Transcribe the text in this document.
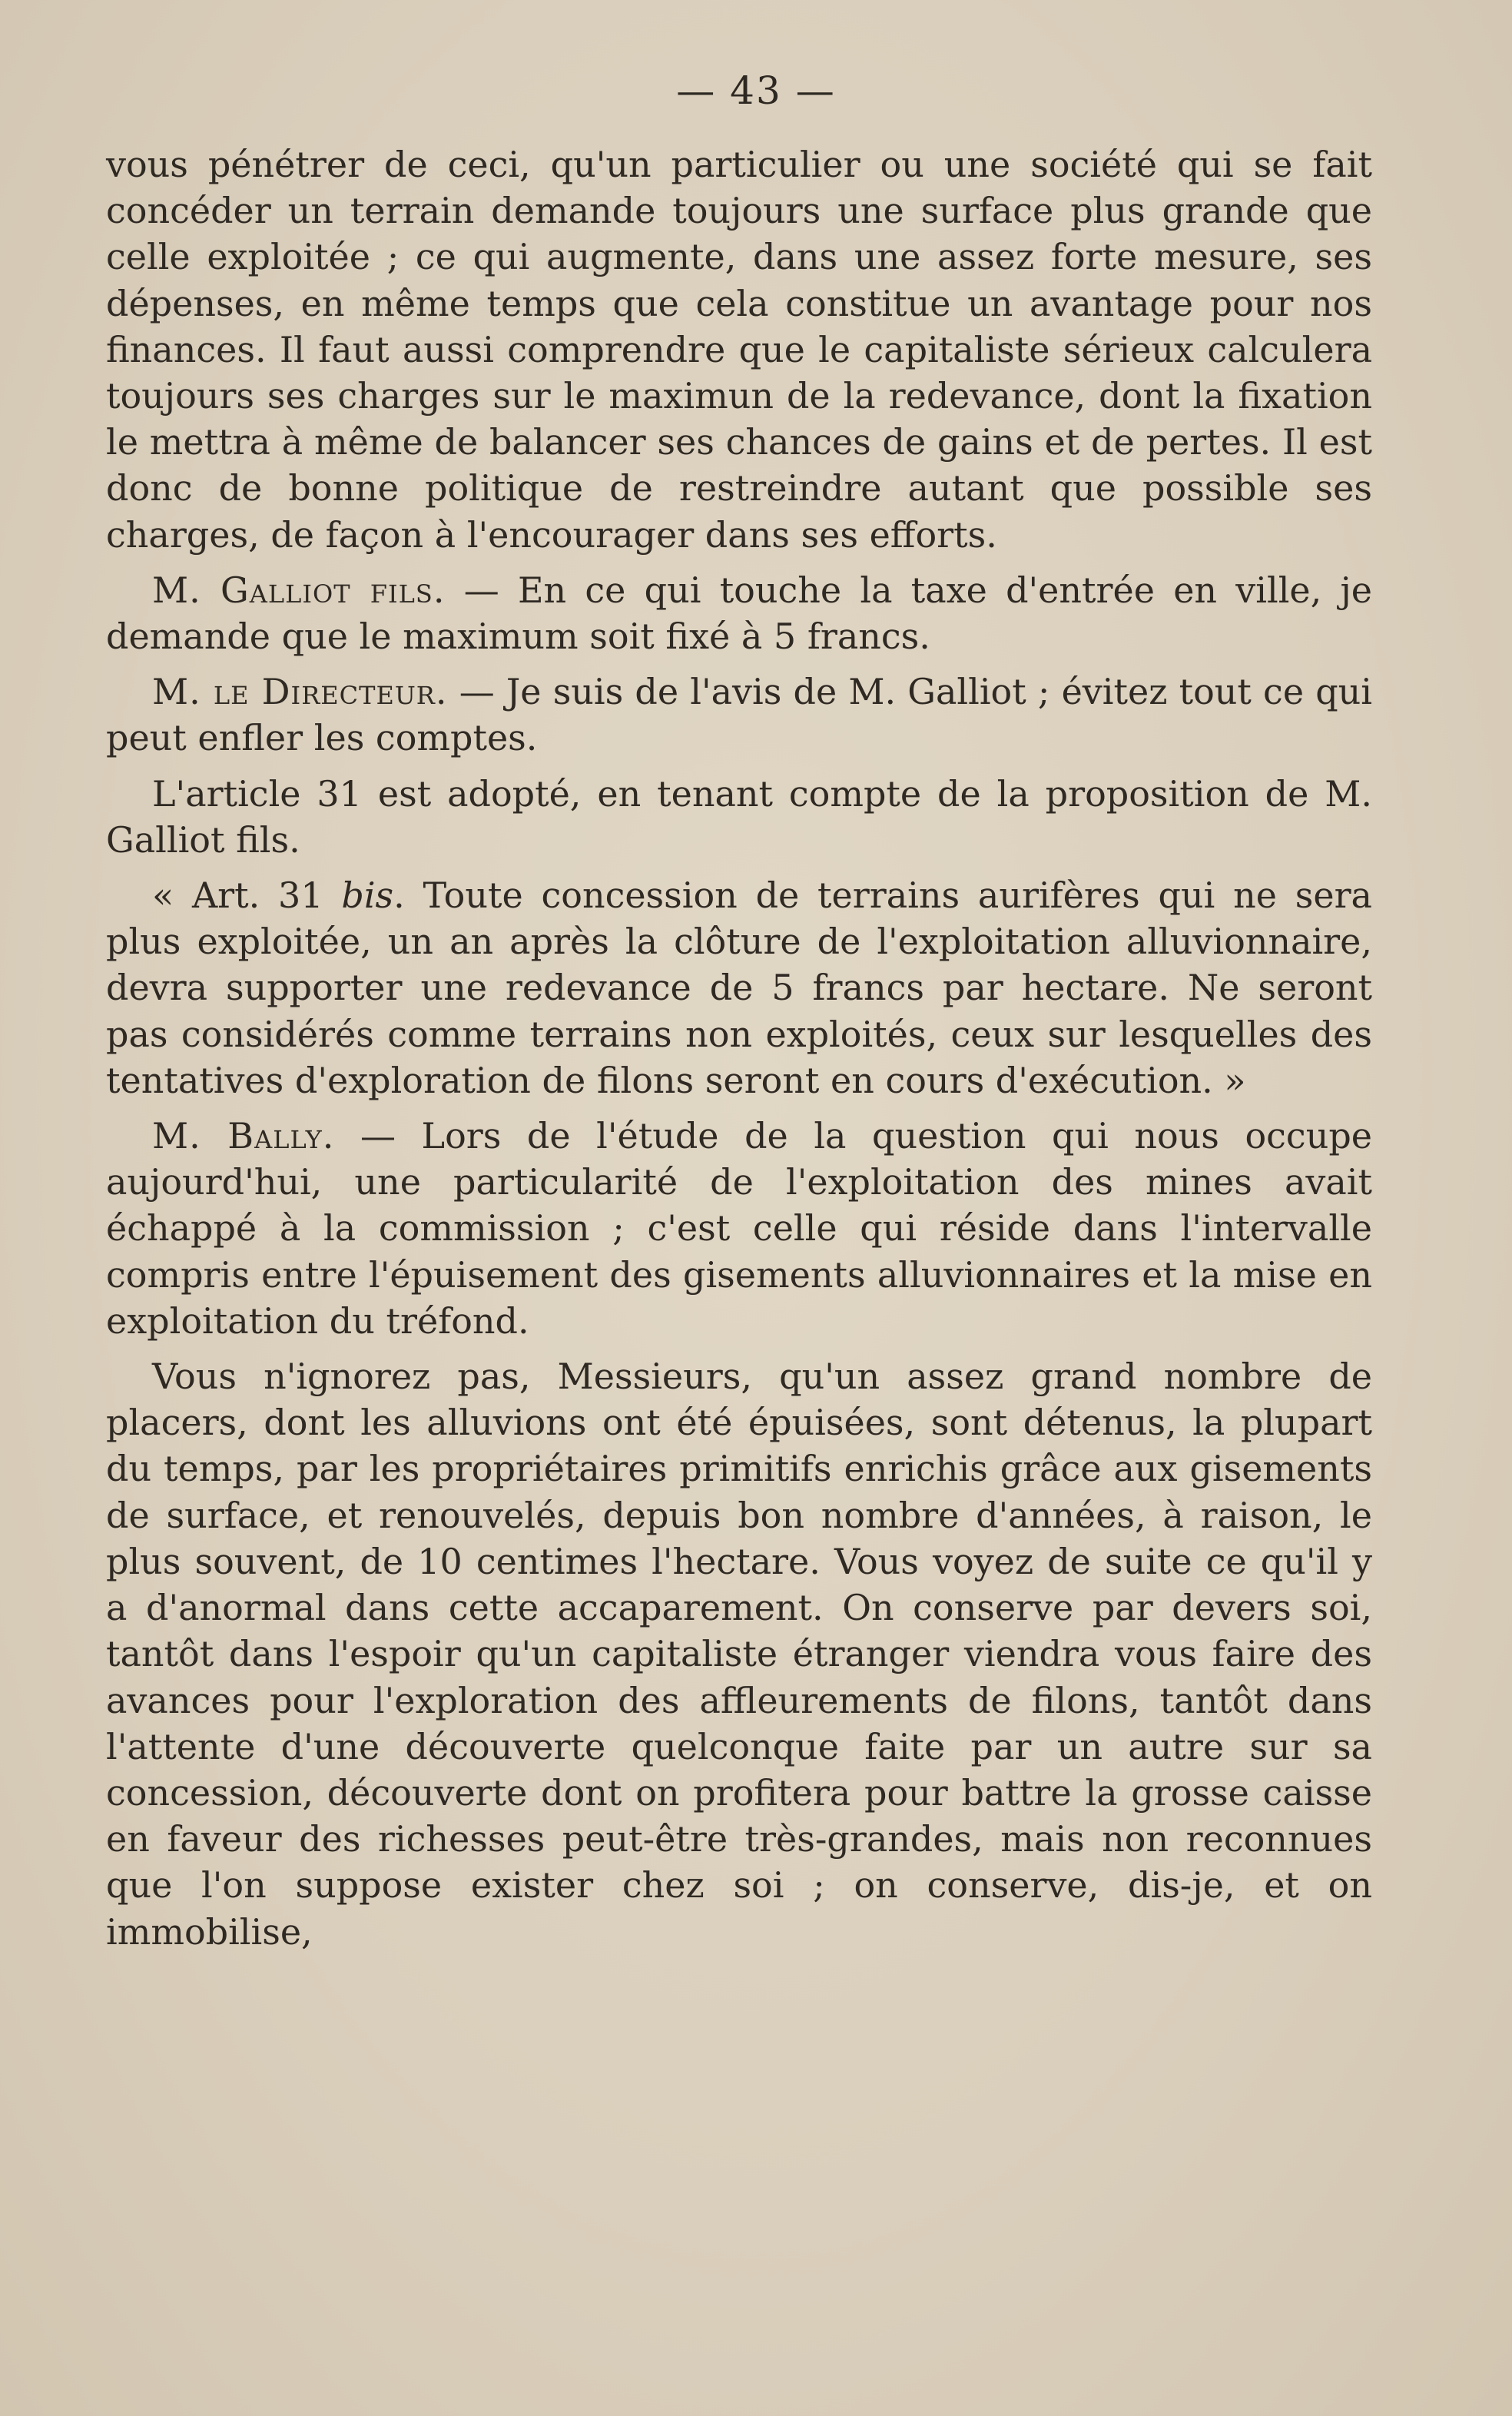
— 43 —

vous pénétrer de ceci, qu'un particulier ou une société qui se fait concéder un terrain demande toujours une surface plus grande que celle exploitée ; ce qui augmente, dans une assez forte mesure, ses dépenses, en même temps que cela constitue un avantage pour nos finances. Il faut aussi comprendre que le capitaliste sérieux calculera toujours ses charges sur le maximun de la redevance, dont la fixation le mettra à même de balancer ses chances de gains et de pertes. Il est donc de bonne politique de restreindre autant que possible ses charges, de façon à l'encourager dans ses efforts.

M. Galliot fils. — En ce qui touche la taxe d'entrée en ville, je demande que le maximum soit fixé à 5 francs.

M. le Directeur. — Je suis de l'avis de M. Galliot ; évitez tout ce qui peut enfler les comptes.

L'article 31 est adopté, en tenant compte de la proposition de M. Galliot fils.

« Art. 31 bis. Toute concession de terrains aurifères qui ne sera plus exploitée, un an après la clôture de l'exploitation alluvionnaire, devra supporter une redevance de 5 francs par hectare. Ne seront pas considérés comme terrains non exploités, ceux sur lesquelles des tentatives d'exploration de filons seront en cours d'exécution. »

M. Bally. — Lors de l'étude de la question qui nous occupe aujourd'hui, une particularité de l'exploitation des mines avait échappé à la commission ; c'est celle qui réside dans l'intervalle compris entre l'épuisement des gisements alluvionnaires et la mise en exploitation du tréfond.

Vous n'ignorez pas, Messieurs, qu'un assez grand nombre de placers, dont les alluvions ont été épuisées, sont détenus, la plupart du temps, par les propriétaires primitifs enrichis grâce aux gisements de surface, et renouvelés, depuis bon nombre d'années, à raison, le plus souvent, de 10 centimes l'hectare. Vous voyez de suite ce qu'il y a d'anormal dans cette accaparement. On conserve par devers soi, tantôt dans l'espoir qu'un capitaliste étranger viendra vous faire des avances pour l'exploration des affleurements de filons, tantôt dans l'attente d'une découverte quelconque faite par un autre sur sa concession, découverte dont on profitera pour battre la grosse caisse en faveur des richesses peut-être très-grandes, mais non reconnues que l'on suppose exister chez soi ; on conserve, dis-je, et on immobilise,
